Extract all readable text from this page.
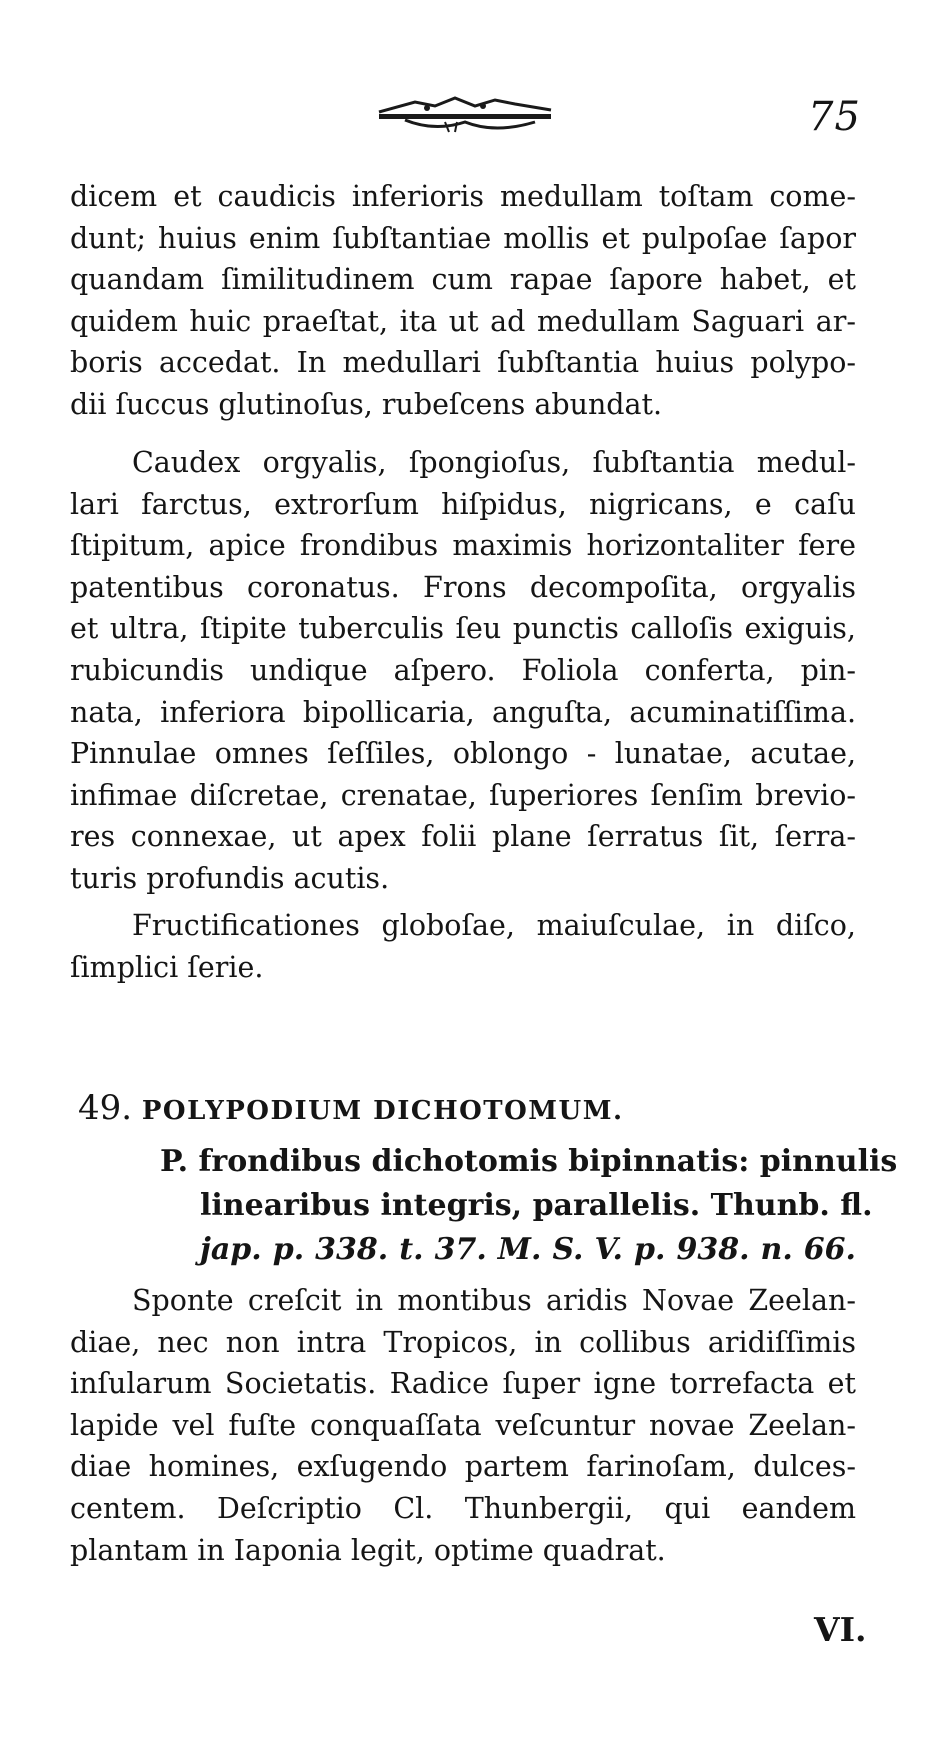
75
dicem et caudicis inferioris medullam toſtam come-
dunt; huius enim ſubſtantiae mollis et pulpoſae ſapor
quandam ſimilitudinem cum rapae ſapore habet, et
quidem huic praeſtat, ita ut ad medullam Saguari ar-
boris accedat. In medullari ſubſtantia huius polypo-
dii ſuccus glutinoſus, rubeſcens abundat.
Caudex orgyalis, ſpongioſus, ſubſtantia medul-
lari farctus, extrorſum hiſpidus, nigricans, e caſu
ſtipitum, apice frondibus maximis horizontaliter fere
patentibus coronatus. Frons decompoſita, orgyalis
et ultra, ſtipite tuberculis ſeu punctis calloſis exiguis,
rubicundis undique aſpero. Foliola conferta, pin-
nata, inferiora bipollicaria, anguſta, acuminatiſſima.
Pinnulae omnes ſeſſiles, oblongo - lunatae, acutae,
infimae diſcretae, crenatae, ſuperiores ſenſim brevio-
res connexae, ut apex folii plane ſerratus ſit, ſerra-
turis profundis acutis.
Fructificationes globoſae, maiuſculae, in diſco,
ſimplici ſerie.
49. POLYPODIUM DICHOTOMUM.
P. frondibus dichotomis bipinnatis: pinnulis
linearibus integris, parallelis. Thunb. fl.
jap. p. 338. t. 37. M. S. V. p. 938. n. 66.
Sponte creſcit in montibus aridis Novae Zeelan-
diae, nec non intra Tropicos, in collibus aridiſſimis
inſularum Societatis. Radice ſuper igne torrefacta et
lapide vel fuſte conquaſſata veſcuntur novae Zeelan-
diae homines, exſugendo partem farinoſam, dulces-
centem. Deſcriptio Cl. Thunbergii, qui eandem
plantam in Iaponia legit, optime quadrat.
VI.
